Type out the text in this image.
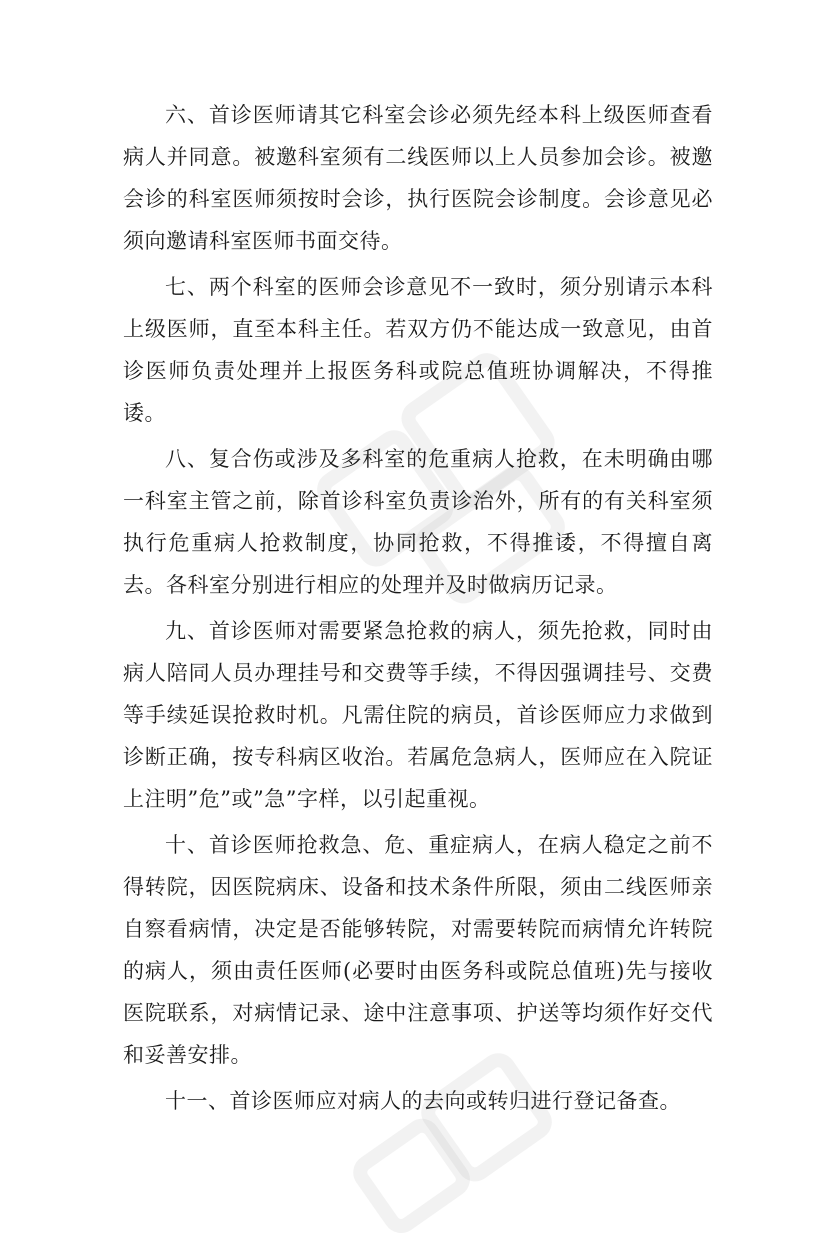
六、首诊医师请其它科室会诊必须先经本科上级医师查看病人并同意。被邀科室须有二线医师以上人员参加会诊。被邀会诊的科室医师须按时会诊，执行医院会诊制度。会诊意见必须向邀请科室医师书面交待。

七、两个科室的医师会诊意见不一致时，须分别请示本科上级医师，直至本科主任。若双方仍不能达成一致意见，由首诊医师负责处理并上报医务科或院总值班协调解决，不得推诿。

八、复合伤或涉及多科室的危重病人抢救，在未明确由哪一科室主管之前，除首诊科室负责诊治外，所有的有关科室须执行危重病人抢救制度，协同抢救，不得推诿，不得擅自离去。各科室分别进行相应的处理并及时做病历记录。

九、首诊医师对需要紧急抢救的病人，须先抢救，同时由病人陪同人员办理挂号和交费等手续，不得因强调挂号、交费等手续延误抢救时机。凡需住院的病员，首诊医师应力求做到诊断正确，按专科病区收治。若属危急病人，医师应在入院证上注明”危”或”急”字样，以引起重视。

十、首诊医师抢救急、危、重症病人，在病人稳定之前不得转院，因医院病床、设备和技术条件所限，须由二线医师亲自察看病情，决定是否能够转院，对需要转院而病情允许转院的病人，须由责任医师(必要时由医务科或院总值班)先与接收医院联系，对病情记录、途中注意事项、护送等均须作好交代和妥善安排。

十一、首诊医师应对病人的去向或转归进行登记备查。
